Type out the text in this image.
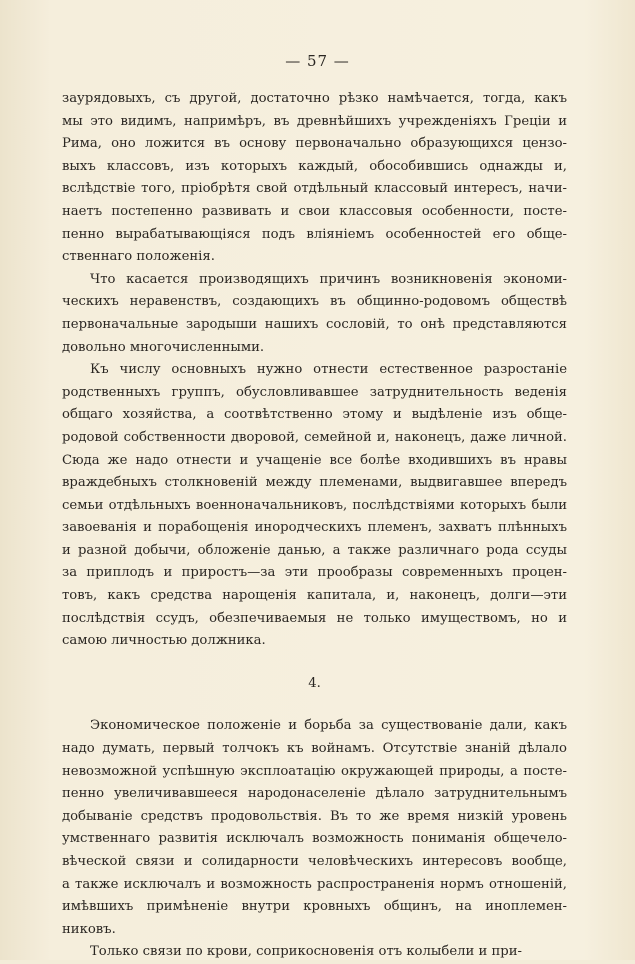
— 57 —
заурядовыхъ, съ другой, достаточно рѣзко намѣчается, тогда, какъ
мы это видимъ, напримѣръ, въ древнѣйшихъ учрежденіяхъ Греціи и
Рима, оно ложится въ основу первоначально образующихся цензо-
выхъ классовъ, изъ которыхъ каждый, обособившись однажды и,
вслѣдствіе того, пріобрѣтя свой отдѣльный классовый интересъ, начи-
наетъ постепенно развивать и свои классовыя особенности, посте-
пенно вырабатывающіяся подъ вліяніемъ особенностей его обще-
ственнаго положенія.
Что касается производящихъ причинъ возникновенія экономи-
ческихъ неравенствъ, создающихъ въ общинно-родовомъ обществѣ
первоначальные зародыши нашихъ сословій, то онѣ представляются
довольно многочисленными.
Къ числу основныхъ нужно отнести естественное разростаніе
родственныхъ группъ, обусловливавшее затруднительность веденія
общаго хозяйства, а соотвѣтственно этому и выдѣленіе изъ обще-
родовой собственности дворовой, семейной и, наконецъ, даже личной.
Сюда же надо отнести и учащеніе все болѣе входившихъ въ нравы
враждебныхъ столкновеній между племенами, выдвигавшее впередъ
семьи отдѣльныхъ военноначальниковъ, послѣдствіями которыхъ были
завоеванія и порабощенія инородческихъ племенъ, захватъ плѣнныхъ
и разной добычи, обложеніе данью, а также различнаго рода ссуды
за приплодъ и приростъ—за эти прообразы современныхъ процен-
товъ, какъ средства нарощенія капитала, и, наконецъ, долги—эти
послѣдствія ссудъ, обезпечиваемыя не только имуществомъ, но и
самою личностью должника.
4.
Экономическое положеніе и борьба за существованіе дали, какъ
надо думать, первый толчокъ къ войнамъ. Отсутствіе знаній дѣлало
невозможной успѣшную эксплоатацію окружающей природы, а посте-
пенно увеличивавшееся народонаселеніе дѣлало затруднительнымъ
добываніе средствъ продовольствія. Въ то же время низкій уровень
умственнаго развитія исключалъ возможность пониманія общечело-
вѣческой связи и солидарности человѣческихъ интересовъ вообще,
а также исключалъ и возможность распространенія нормъ отношеній,
имѣвшихъ примѣненіе внутри кровныхъ общинъ, на иноплемен-
никовъ.
Только связи по крови, соприкосновенія отъ колыбели и при-
